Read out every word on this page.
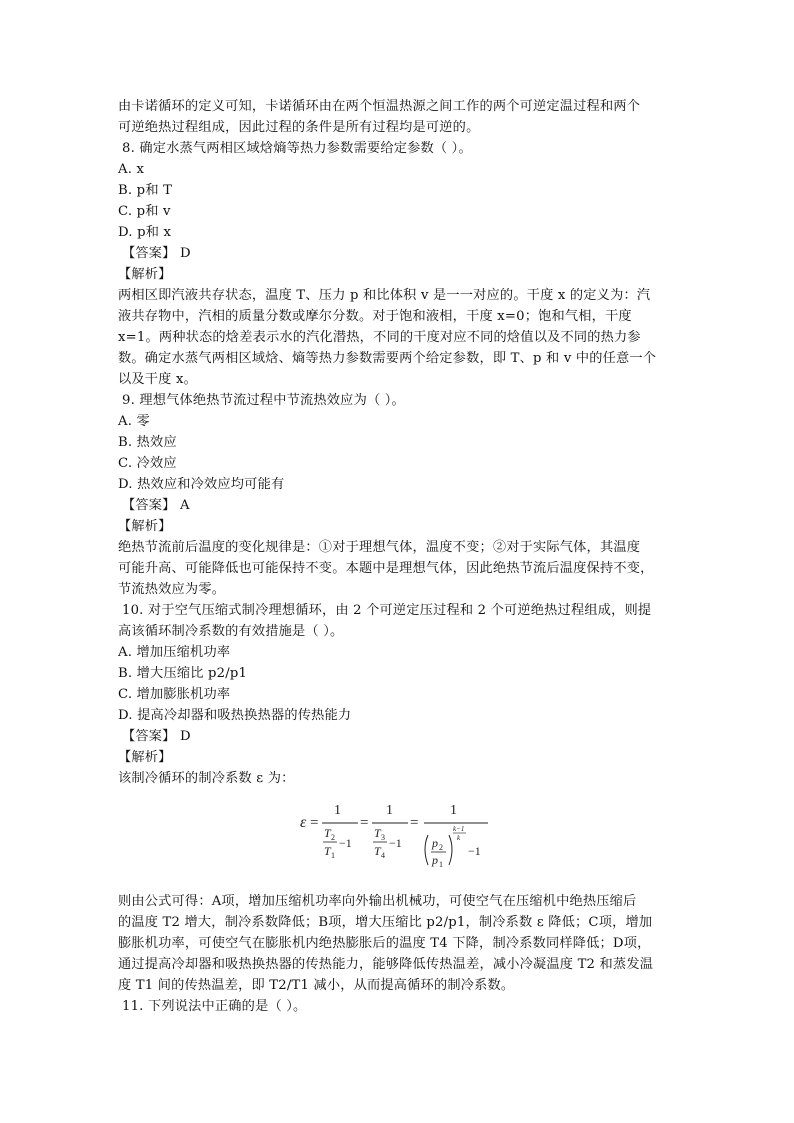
由卡诺循环的定义可知，卡诺循环由在两个恒温热源之间工作的两个可逆定温过程和两个
可逆绝热过程组成，因此过程的条件是所有过程均是可逆的。
8. 确定水蒸气两相区域焓熵等热力参数需要给定参数（ ）。
A. x
B. p和 T
C. p和 v
D. p和 x
【答案】 D
【解析】
两相区即汽液共存状态，温度 T、压力 p 和比体积 v 是一一对应的。干度 x 的定义为：汽
液共存物中，汽相的质量分数或摩尔分数。对于饱和液相，干度 x=0；饱和气相，干度
x=1。两种状态的焓差表示水的汽化潜热，不同的干度对应不同的焓值以及不同的热力参
数。确定水蒸气两相区域焓、熵等热力参数需要两个给定参数，即 T、p 和 v 中的任意一个
以及干度 x。
9. 理想气体绝热节流过程中节流热效应为（ ）。
A. 零
B. 热效应
C. 冷效应
D. 热效应和冷效应均可能有
【答案】 A
【解析】
绝热节流前后温度的变化规律是：①对于理想气体，温度不变；②对于实际气体，其温度
可能升高、可能降低也可能保持不变。本题中是理想气体，因此绝热节流后温度保持不变，
节流热效应为零。
10. 对于空气压缩式制冷理想循环，由 2 个可逆定压过程和 2 个可逆绝热过程组成，则提
高该循环制冷系数的有效措施是（ ）。
A. 增加压缩机功率
B. 增大压缩比 p2/p1
C. 增加膨胀机功率
D. 提高冷却器和吸热换热器的传热能力
【答案】 D
【解析】
该制冷循环的制冷系数 ε 为：
ε =
1
T 2
T 1
−1
=
1
T 3
T 4
−1
=
1
p 2
p 1
k−1
k
−1
则由公式可得：A项，增加压缩机功率向外输出机械功，可使空气在压缩机中绝热压缩后
的温度 T2 增大，制冷系数降低；B项，增大压缩比 p2/p1，制冷系数 ε 降低；C项，增加
膨胀机功率，可使空气在膨胀机内绝热膨胀后的温度 T4 下降，制冷系数同样降低；D项，
通过提高冷却器和吸热换热器的传热能力，能够降低传热温差，减小冷凝温度 T2 和蒸发温
度 T1 间的传热温差，即 T2/T1 减小，从而提高循环的制冷系数。
11. 下列说法中正确的是（ ）。
